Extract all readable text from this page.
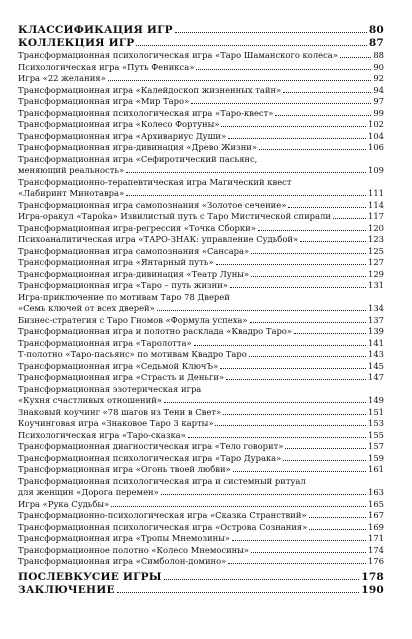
КЛАССИФИКАЦИЯ ИГР	80
КОЛЛЕКЦИЯ ИГР	87
Трансформационная психологическая игра «Таро Шаманского колеса»	88
Психологическая игра «Путь Феникса»	90
Игра «22 желания»	92
Трансформационная игра «Калейдоскоп жизненных тайн»	94
Трансформационная игра «Мир Таро»	97
Трансформационная психологическая игра «Таро-квест»	99
Трансформационная игра «Колесо Фортуны»	102
Трансформационная игра «Архивариус Души»	104
Трансформационная игра-дивинация «Древо Жизни»	106
Трансформационная игра «Сефиротический пасьянс,
меняющий реальность»	109
Трансформационно-терапевтическая игра Магический квест
«Лабиринт Минотавра»	111
Трансформационная игра самопознания «Золотое сечение»	114
Игра-оракул «Тароka» Извилистый путь с Таро Мистической спирали	117
Трансформационная игра-регрессия «Точка Сборки»	120
Психоаналитическая игра «ТАРО-ЗНАК: управление Судьбой»	123
Трансформационная игра самопознания «Сансара»	125
Трансформационная игра «Янтарный путь»	127
Трансформационная игра-дивинация «Театр Луны»	129
Трансформационная игра «Таро – путь жизни»	131
Игра-приключение по мотивам Таро 78 Дверей
«Семь ключей от всех дверей»	134
Бизнес-стратегия с Таро Гномов «Формула успеха»	137
Трансформационная игра и полотно расклада «Квадро Таро»	139
Трансформационная игра «Таролотта»	141
Т-полотно «Таро-пасьянс» по мотивам Квадро Таро	143
Трансформационная игра «Седьмой КлючЪ»	145
Трансформационная игра «Страсть и Деньги»	147
Трансформационная эзотерическая игра
«Кухня счастливых отношений»	149
Знаковый коучинг «78 шагов из Тени в Свет»	151
Коучинговая игра «Знаковое Таро 3 карты»	153
Психологическая игра «Таро-сказка»	155
Трансформационная диагностическая игра «Тело говорит»	157
Трансформационная психологическая игра «Таро Дурака»	159
Трансформационная игра «Огонь твоей любви»	161
Трансформационная психологическая игра и системный ритуал
для женщин «Дорога перемен»	163
Игра «Рука Судьбы»	165
Трансформационно-психологическая игра «Сказка Странствий»	167
Трансформационная психологическая игра «Острова Сознания»	169
Трансформационная игра «Тропы Мнемозины»	171
Трансформационное полотно «Колесо Мнемосины»	174
Трансформационная игра «Симболон-домино»	176
ПОСЛЕВКУСИЕ ИГРЫ	178
ЗАКЛЮЧЕНИЕ	190
